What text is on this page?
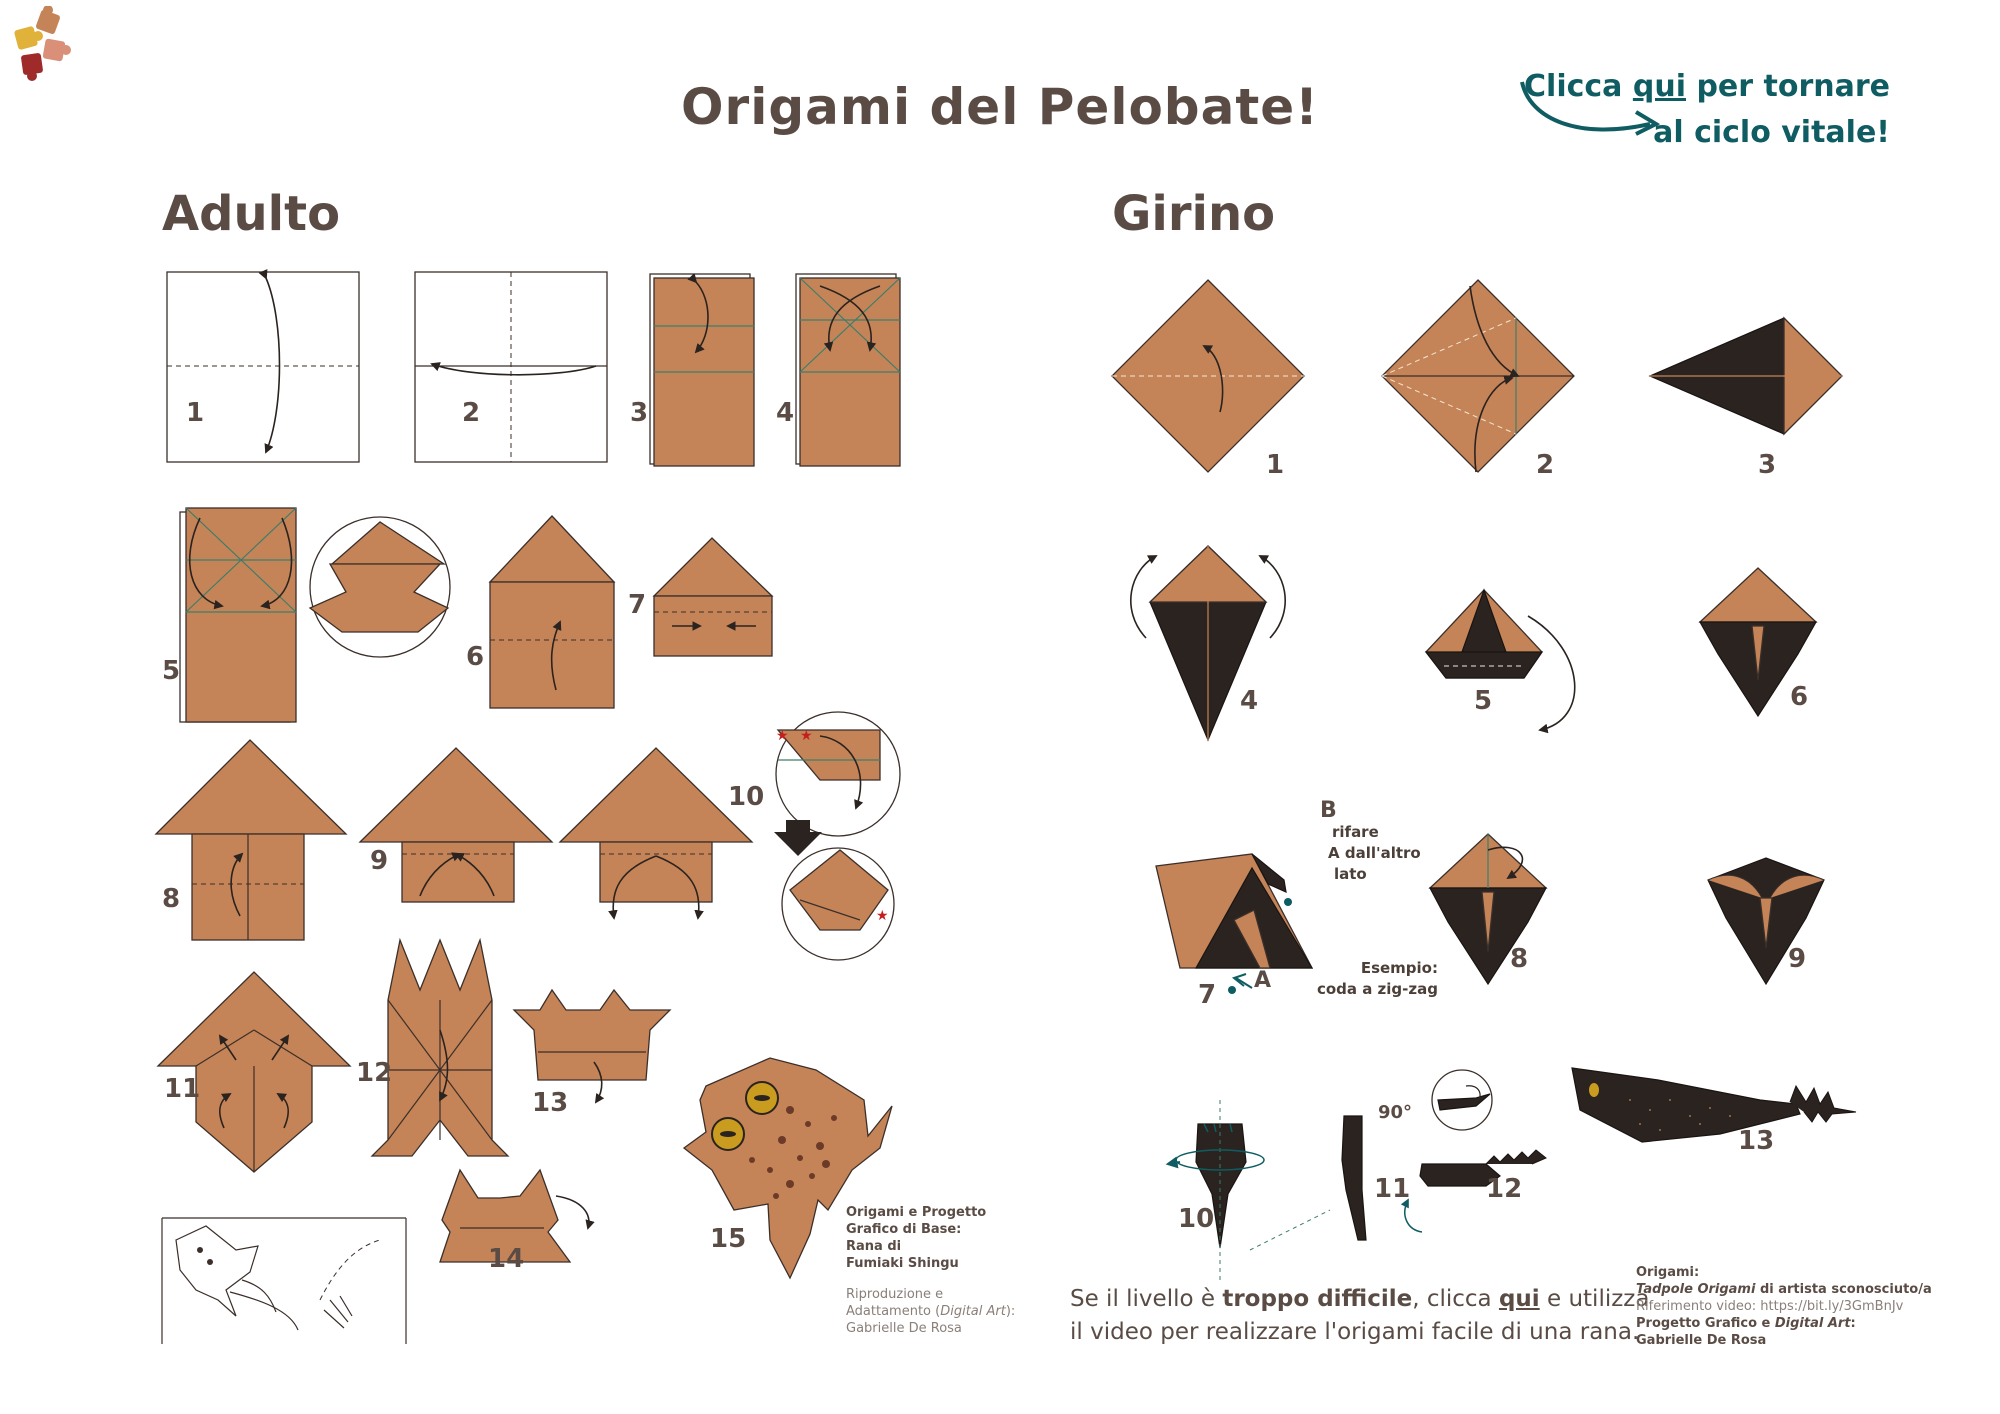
Origami del Pelobate!	Clicca qui per tornare
al ciclo vitale!
Adulto	Girino
★ ★
★
1	2	3	4
5	6
7
8
9
10
11
12
13
14
15
Origami e Progetto
Grafico di Base:
Rana di
Fumiaki Shingu
Riproduzione e
Adattamento (Digital Art):
Gabrielle De Rosa
1	2	3
4	5	6
7
8	9
10
11	12
13
B
A
rifare
A dall'altro
lato
Esempio:
coda a zig-zag
90°
Se il livello è troppo difficile, clicca qui e utilizza
il video per realizzare l'origami facile di una rana.
Origami:
Tadpole Origami di artista sconosciuto/a
Riferimento video: https://bit.ly/3GmBnJv
Progetto Grafico e Digital Art:
Gabrielle De Rosa
